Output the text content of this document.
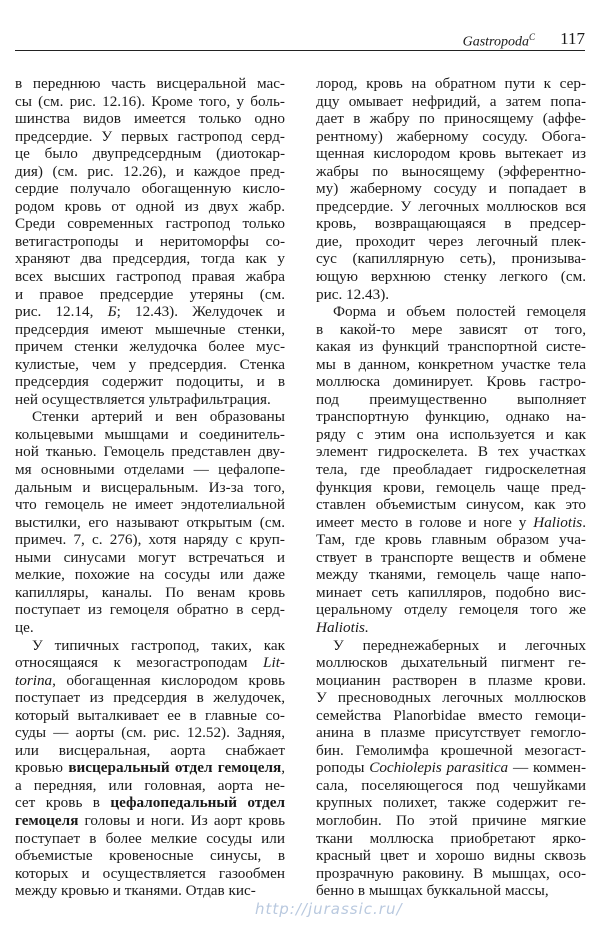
Gastropoda$^C$ 117
в переднюю часть висцеральной мас-
сы (см. рис. 12.16). Кроме того, у боль-
шинства видов имеется только одно
предсердие. У первых гастропод серд-
це было двупредсердным (диотокар-
дия) (см. рис. 12.26), и каждое пред-
сердие получало обогащенную кисло-
родом кровь от одной из двух жабр.
Среди современных гастропод только
ветигастроподы и неритоморфы со-
храняют два предсердия, тогда как у
всех высших гастропод правая жабра
и правое предсердие утеряны (см.
рис. 12.14, Б; 12.43). Желудочек и
предсердия имеют мышечные стенки,
причем стенки желудочка более мус-
кулистые, чем у предсердия. Стенка
предсердия содержит подоциты, и в
ней осуществляется ультрафильтрация.
Стенки артерий и вен образованы
кольцевыми мышцами и соединитель-
ной тканью. Гемоцель представлен дву-
мя основными отделами — цефалопе-
дальным и висцеральным. Из-за того,
что гемоцель не имеет эндотелиальной
выстилки, его называют открытым (см.
примеч. 7, с. 276), хотя наряду с круп-
ными синусами могут встречаться и
мелкие, похожие на сосуды или даже
капилляры, каналы. По венам кровь
поступает из гемоцеля обратно в серд-
це.
У типичных гастропод, таких, как
относящаяся к мезогастроподам Lit-
torina, обогащенная кислородом кровь
поступает из предсердия в желудочек,
который выталкивает ее в главные со-
суды — аорты (см. рис. 12.52). Задняя,
или висцеральная, аорта снабжает
кровью висцеральный отдел гемоцеля,
а передняя, или головная, аорта не-
сет кровь в цефалопедальный отдел
гемоцеля головы и ноги. Из аорт кровь
поступает в более мелкие сосуды или
объемистые кровеносные синусы, в
которых и осуществляется газообмен
между кровью и тканями. Отдав кис-
лород, кровь на обратном пути к сер-
дцу омывает нефридий, а затем попа-
дает в жабру по приносящему (аффе-
рентному) жаберному сосуду. Обога-
щенная кислородом кровь вытекает из
жабры по выносящему (эфферентно-
му) жаберному сосуду и попадает в
предсердие. У легочных моллюсков вся
кровь, возвращающаяся в предсер-
дие, проходит через легочный плек-
сус (капиллярную сеть), пронизыва-
ющую верхнюю стенку легкого (см.
рис. 12.43).
Форма и объем полостей гемоцеля
в какой-то мере зависят от того,
какая из функций транспортной систе-
мы в данном, конкретном участке тела
моллюска доминирует. Кровь гастро-
под преимущественно выполняет
транспортную функцию, однако на-
ряду с этим она используется и как
элемент гидроскелета. В тех участках
тела, где преобладает гидроскелетная
функция крови, гемоцель чаще пред-
ставлен объемистым синусом, как это
имеет место в голове и ноге у Haliotis.
Там, где кровь главным образом уча-
ствует в транспорте веществ и обмене
между тканями, гемоцель чаще напо-
минает сеть капилляров, подобно вис-
церальному отделу гемоцеля того же
Haliotis.
У переднежаберных и легочных
моллюсков дыхательный пигмент ге-
моцианин растворен в плазме крови.
У пресноводных легочных моллюсков
семейства Planorbidae вместо гемоци-
анина в плазме присутствует гемогло-
бин. Гемолимфа крошечной мезогаст-
роподы Cochiolepis parasitica — коммен-
сала, поселяющегося под чешуйками
крупных полихет, также содержит ге-
моглобин. По этой причине мягкие
ткани моллюска приобретают ярко-
красный цвет и хорошо видны сквозь
прозрачную раковину. В мышцах, осо-
бенно в мышцах буккальной массы,
http://jurassic.ru/
